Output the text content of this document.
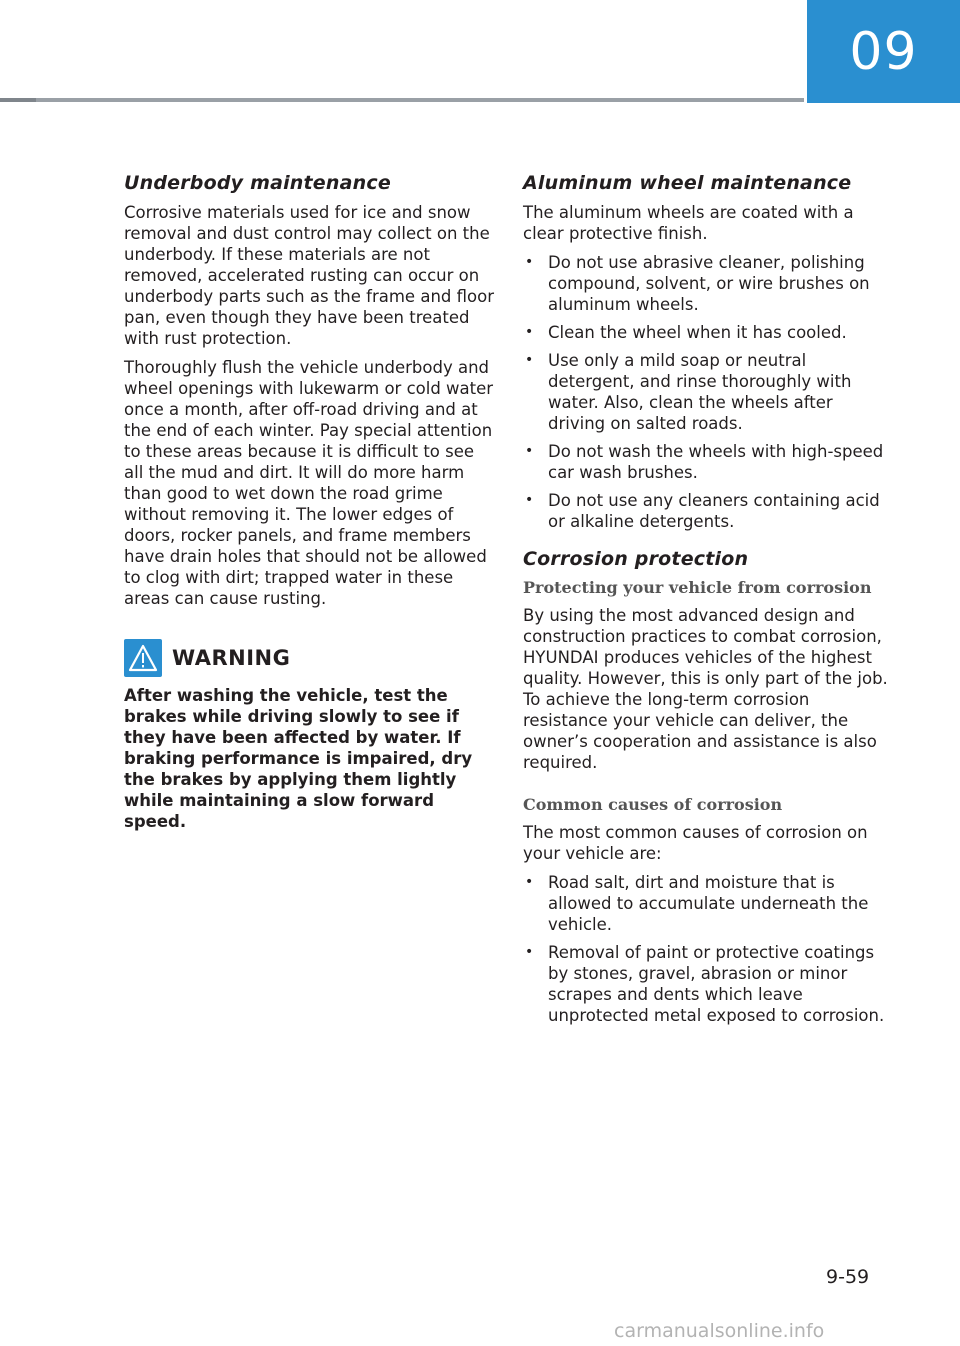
09
Underbody maintenance

Corrosive materials used for ice and snow removal and dust control may collect on the underbody. If these materials are not removed, accelerated rusting can occur on underbody parts such as the frame and floor pan, even though they have been treated with rust protection.

Thoroughly flush the vehicle underbody and wheel openings with lukewarm or cold water once a month, after off-road driving and at the end of each winter. Pay special attention to these areas because it is difficult to see all the mud and dirt. It will do more harm than good to wet down the road grime without removing it. The lower edges of doors, rocker panels, and frame members have drain holes that should not be allowed to clog with dirt; trapped water in these areas can cause rusting.

WARNING

After washing the vehicle, test the brakes while driving slowly to see if they have been affected by water. If braking performance is impaired, dry the brakes by applying them lightly while maintaining a slow forward speed.

Aluminum wheel maintenance

The aluminum wheels are coated with a clear protective finish.

• Do not use abrasive cleaner, polishing compound, solvent, or wire brushes on aluminum wheels.
• Clean the wheel when it has cooled.
• Use only a mild soap or neutral detergent, and rinse thoroughly with water. Also, clean the wheels after driving on salted roads.
• Do not wash the wheels with high-speed car wash brushes.
• Do not use any cleaners containing acid or alkaline detergents.
Corrosion protection
Protecting your vehicle from corrosion

By using the most advanced design and construction practices to combat corrosion, HYUNDAI produces vehicles of the highest quality. However, this is only part of the job. To achieve the long-term corrosion resistance your vehicle can deliver, the owner’s cooperation and assistance is also required.

Common causes of corrosion

The most common causes of corrosion on your vehicle are:

• Road salt, dirt and moisture that is allowed to accumulate underneath the vehicle.
• Removal of paint or protective coatings by stones, gravel, abrasion or minor scrapes and dents which leave unprotected metal exposed to corrosion.
9-59
carmanualsonline.info
